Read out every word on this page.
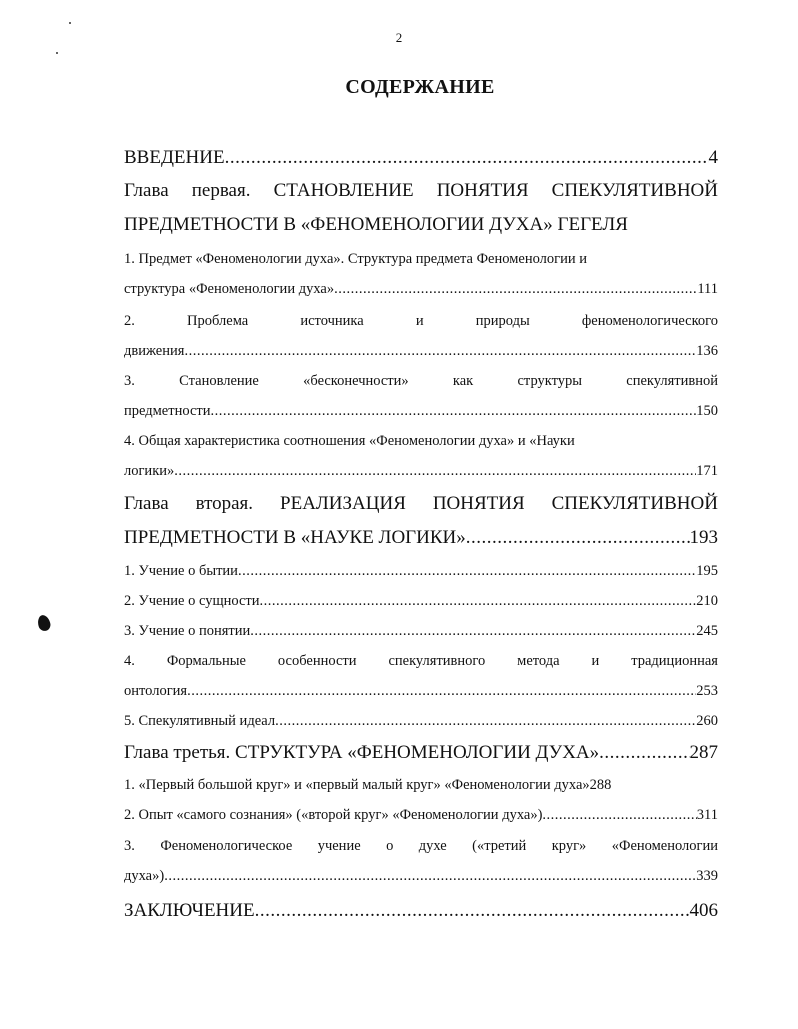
2
СОДЕРЖАНИЕ
ВВЕДЕНИЕ .....	4
Глава первая. СТАНОВЛЕНИЕ ПОНЯТИЯ СПЕКУЛЯТИВНОЙ
ПРЕДМЕТНОСТИ В «ФЕНОМЕНОЛОГИИ ДУХА» ГЕГЕЛЯ
1. Предмет «Феноменологии духа». Структура предмета Феноменологии и
структура «Феноменологии духа» .....	111
2.	Проблема	источника	и	природы	феноменологического
движения .....	136
3.	Становление	«бесконечности»	как	структуры	спекулятивной
предметности .....	150
4. Общая характеристика соотношения «Феноменологии духа» и «Науки
логики» .....	171
Глава вторая. РЕАЛИЗАЦИЯ ПОНЯТИЯ СПЕКУЛЯТИВНОЙ
ПРЕДМЕТНОСТИ В «НАУКЕ ЛОГИКИ» .....	193
1. Учение о бытии .....	195
2. Учение о сущности .....	210
3. Учение о понятии .....	245
4. Формальные особенности спекулятивного метода и традиционная
онтология .....	253
5. Спекулятивный идеал .....	260
Глава третья. СТРУКТУРА «ФЕНОМЕНОЛОГИИ ДУХА» .....	287
1. «Первый большой круг» и «первый малый круг» «Феноменологии духа» 288
2. Опыт «самого сознания» («второй круг» «Феноменологии духа») .....	311
3. Феноменологическое учение о духе («третий круг» «Феноменологии
духа») .....	339
ЗАКЛЮЧЕНИЕ .....	406
